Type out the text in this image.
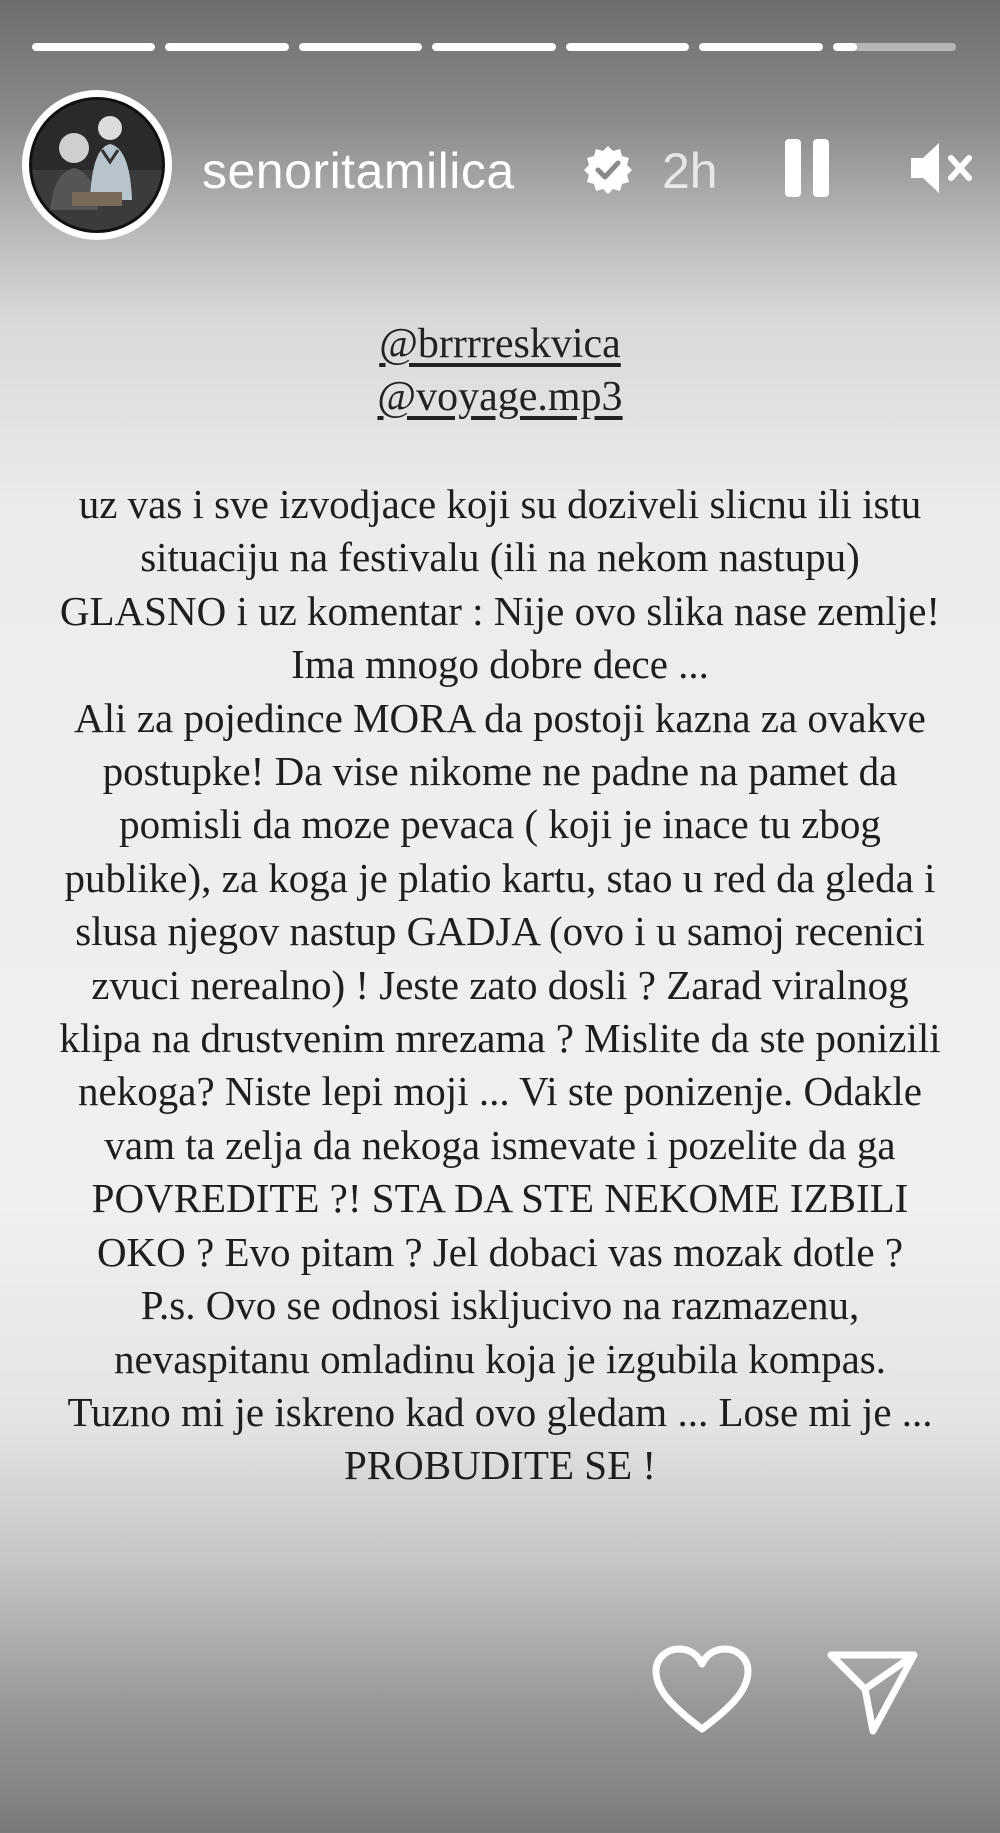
senoritamilica	2h
@brrrreskvica
@voyage.mp3
uz vas i sve izvodjace koji su doziveli slicnu ili istu
situaciju na festivalu (ili na nekom nastupu)
GLASNO i uz komentar : Nije ovo slika nase zemlje!
Ima mnogo dobre dece ...
Ali za pojedince MORA da postoji kazna za ovakve
postupke! Da vise nikome ne padne na pamet da
pomisli da moze pevaca ( koji je inace tu zbog
publike), za koga je platio kartu, stao u red da gleda i
slusa njegov nastup GADJA (ovo i u samoj recenici
zvuci nerealno) ! Jeste zato dosli ? Zarad viralnog
klipa na drustvenim mrezama ? Mislite da ste ponizili
nekoga? Niste lepi moji ... Vi ste ponizenje. Odakle
vam ta zelja da nekoga ismevate i pozelite da ga
POVREDITE ?! STA DA STE NEKOME IZBILI
OKO ? Evo pitam ? Jel dobaci vas mozak dotle ?
P.s. Ovo se odnosi iskljucivo na razmazenu,
nevaspitanu omladinu koja je izgubila kompas.
Tuzno mi je iskreno kad ovo gledam ... Lose mi je ...
PROBUDITE SE !
